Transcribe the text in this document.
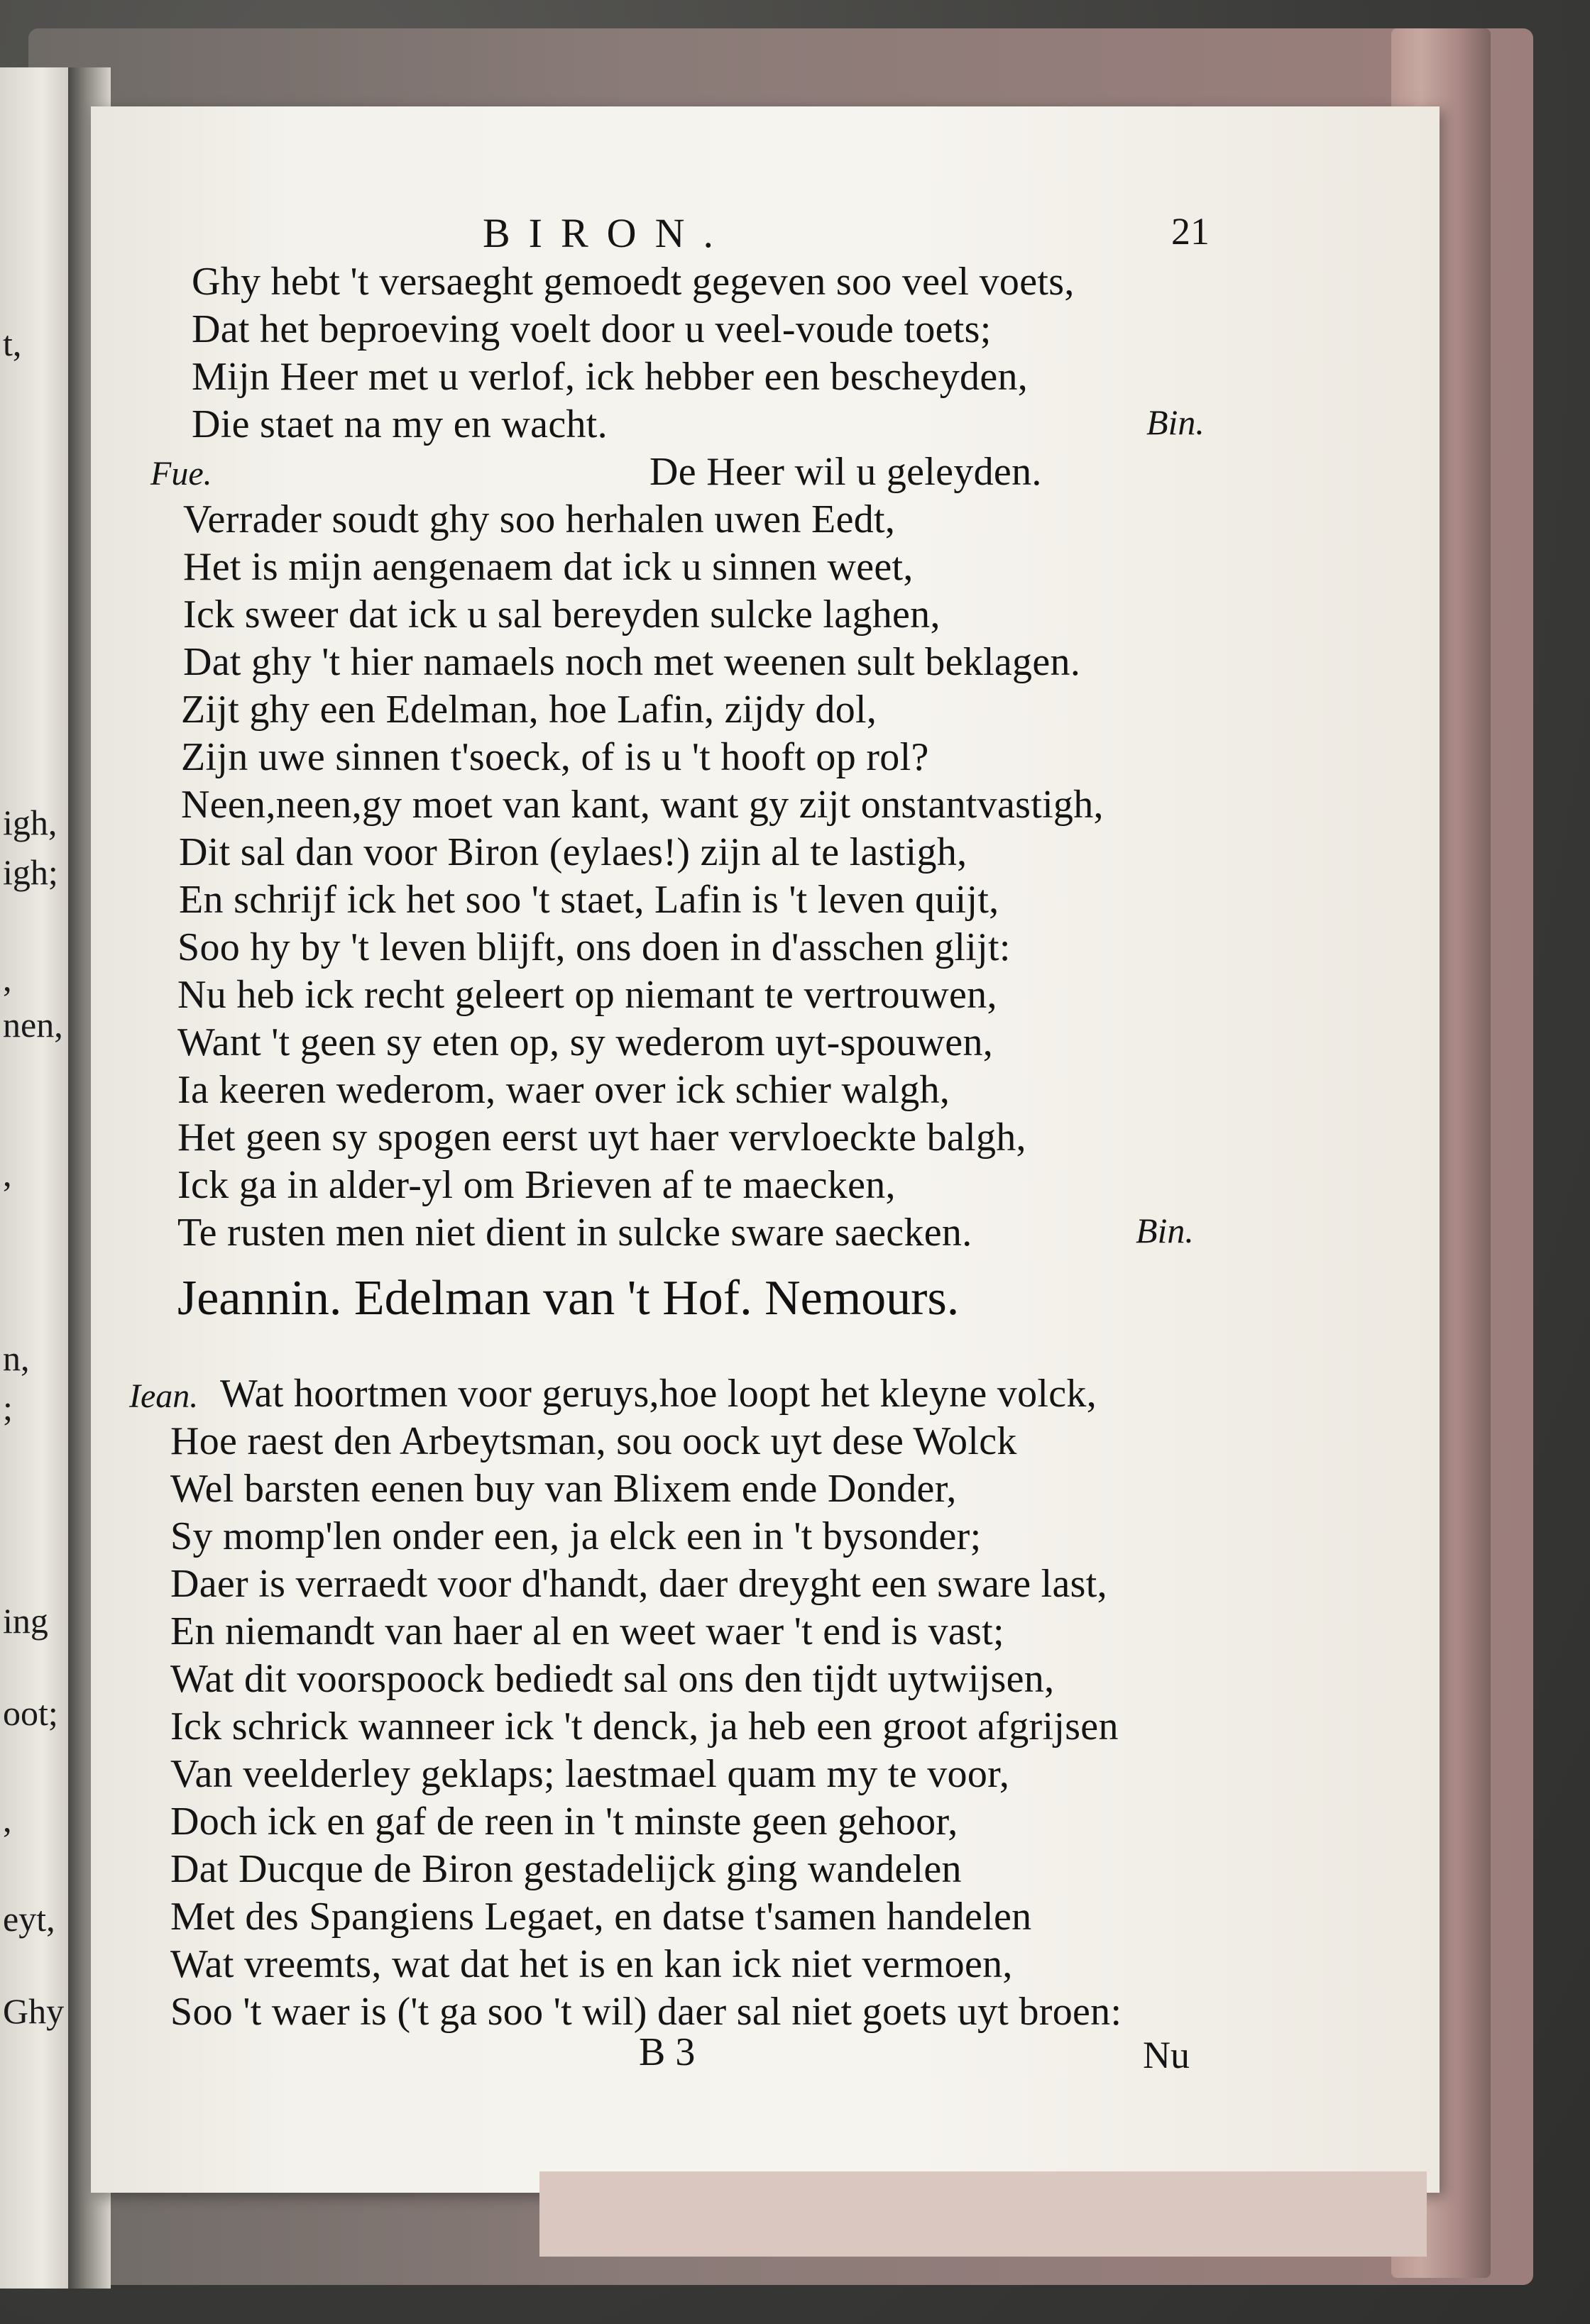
t,
igh,
igh;
,
nen,
,
n,
;
ing
oot;
,
eyt,
Ghy
BIRON.	21
Ghy hebt 't versaeght gemoedt gegeven soo veel voets,
Dat het beproeving voelt door u veel-voude toets;
Mijn Heer met u verlof, ick hebber een bescheyden,
Die staet na my en wacht.	Bin.
Fue.	De Heer wil u geleyden.
Verrader soudt ghy soo herhalen uwen Eedt,
Het is mijn aengenaem dat ick u sinnen weet,
Ick sweer dat ick u sal bereyden sulcke laghen,
Dat ghy 't hier namaels noch met weenen sult beklagen.
Zijt ghy een Edelman, hoe Lafin, zijdy dol,
Zijn uwe sinnen t'soeck, of is u 't hooft op rol?
Neen,neen,gy moet van kant, want gy zijt onstantvastigh,
Dit sal dan voor Biron (eylaes!) zijn al te lastigh,
En schrijf ick het soo 't staet, Lafin is 't leven quijt,
Soo hy by 't leven blijft, ons doen in d'asschen glijt:
Nu heb ick recht geleert op niemant te vertrouwen,
Want 't geen sy eten op, sy wederom uyt-spouwen,
Ia keeren wederom, waer over ick schier walgh,
Het geen sy spogen eerst uyt haer vervloeckte balgh,
Ick ga in alder-yl om Brieven af te maecken,
Te rusten men niet dient in sulcke sware saecken.	Bin.
Jeannin. Edelman van 't Hof. Nemours.
Iean. Wat hoortmen voor geruys,hoe loopt het kleyne volck,
Hoe raest den Arbeytsman, sou oock uyt dese Wolck
Wel barsten eenen buy van Blixem ende Donder,
Sy momp'len onder een, ja elck een in 't bysonder;
Daer is verraedt voor d'handt, daer dreyght een sware last,
En niemandt van haer al en weet waer 't end is vast;
Wat dit voorspoock bediedt sal ons den tijdt uytwijsen,
Ick schrick wanneer ick 't denck, ja heb een groot afgrijsen
Van veelderley geklaps; laestmael quam my te voor,
Doch ick en gaf de reen in 't minste geen gehoor,
Dat Ducque de Biron gestadelijck ging wandelen
Met des Spangiens Legaet, en datse t'samen handelen
Wat vreemts, wat dat het is en kan ick niet vermoen,
Soo 't waer is ('t ga soo 't wil) daer sal niet goets uyt broen:
B 3	Nu
